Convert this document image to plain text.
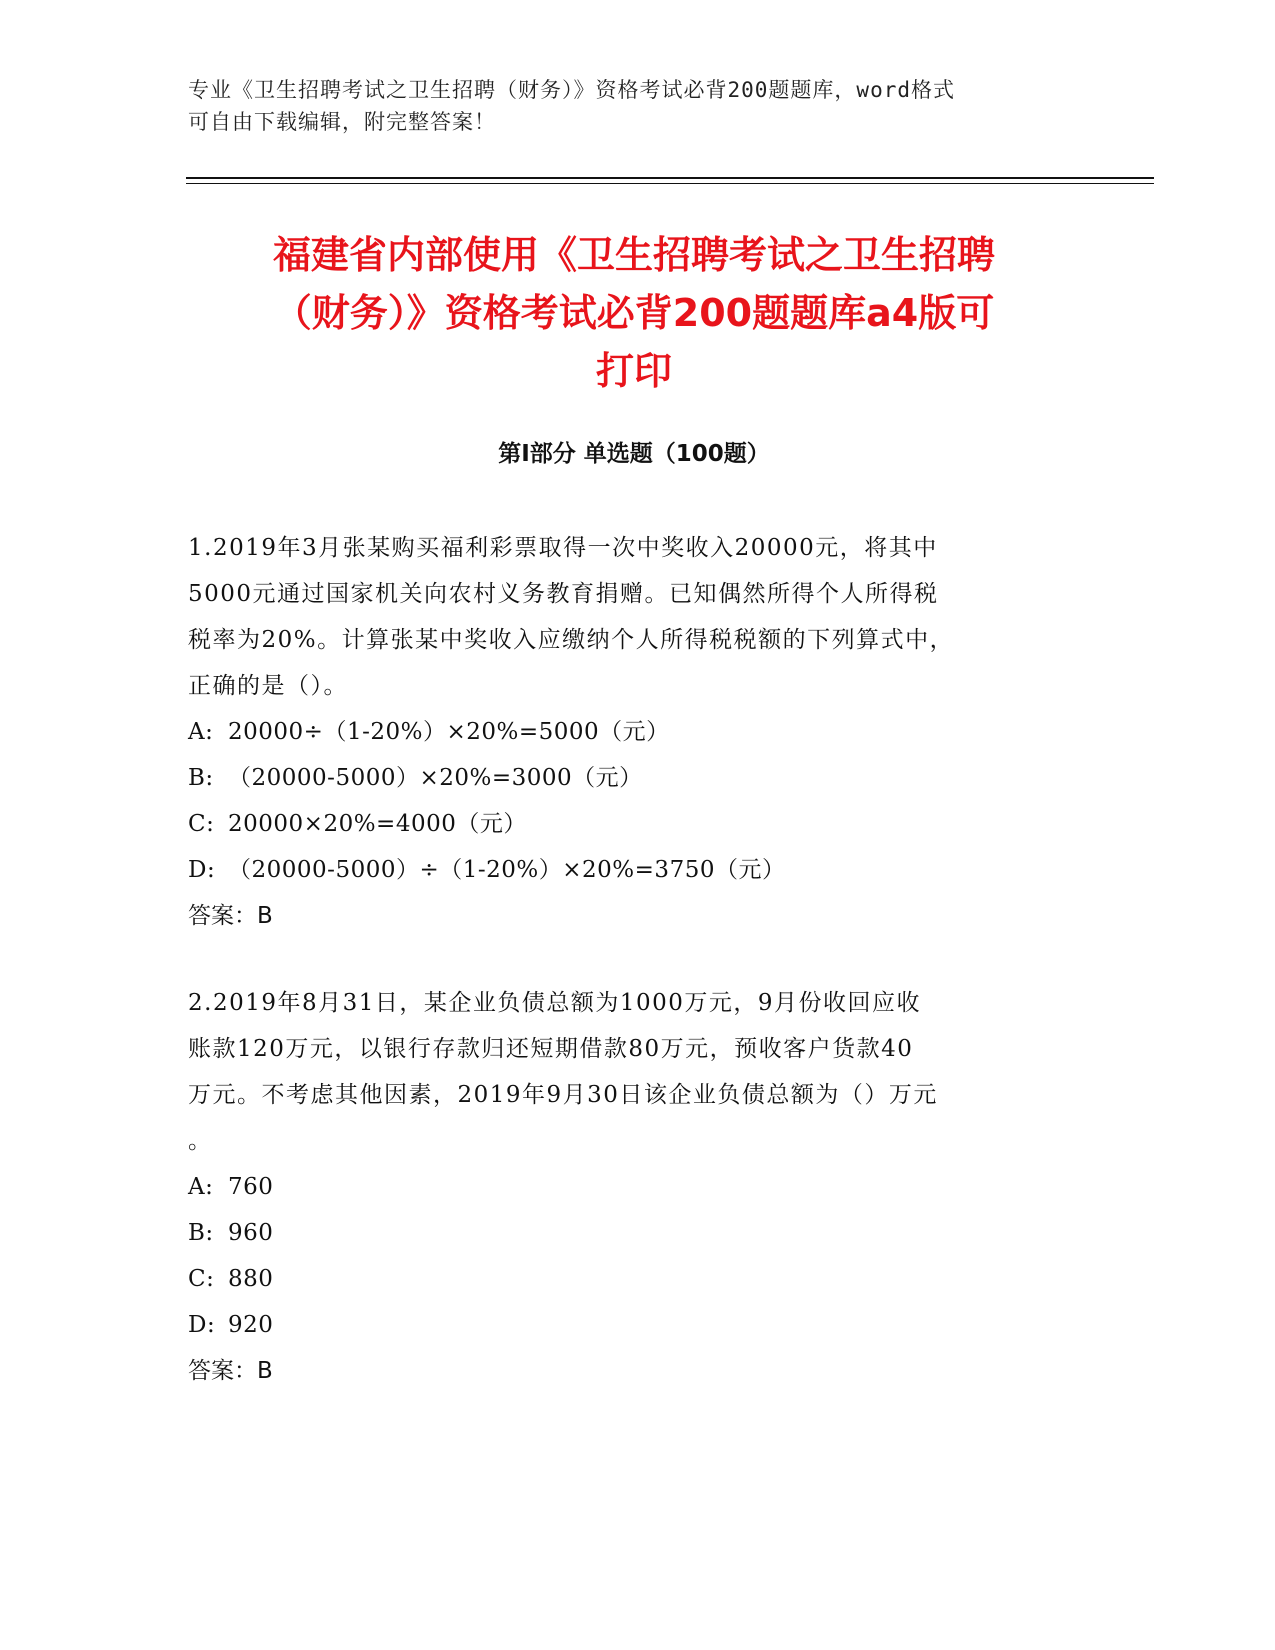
专业《卫生招聘考试之卫生招聘（财务）》资格考试必背200题题库，word格式
可自由下载编辑，附完整答案！
福建省内部使用《卫生招聘考试之卫生招聘
（财务）》资格考试必背200题题库a4版可
打印
第Ⅰ部分 单选题（100题）
1.2019年3月张某购买福利彩票取得一次中奖收入20000元，将其中
5000元通过国家机关向农村义务教育捐赠。已知偶然所得个人所得税
税率为20%。计算张某中奖收入应缴纳个人所得税税额的下列算式中，
正确的是（）。
A: 20000÷（1-20%）×20%=5000（元）
B: （20000-5000）×20%=3000（元）
C: 20000×20%=4000（元）
D: （20000-5000）÷（1-20%）×20%=3750（元）
答案：B
2.2019年8月31日，某企业负债总额为1000万元，9月份收回应收
账款120万元，以银行存款归还短期借款80万元，预收客户货款40
万元。不考虑其他因素，2019年9月30日该企业负债总额为（）万元
。
A: 760
B: 960
C: 880
D: 920
答案：B
